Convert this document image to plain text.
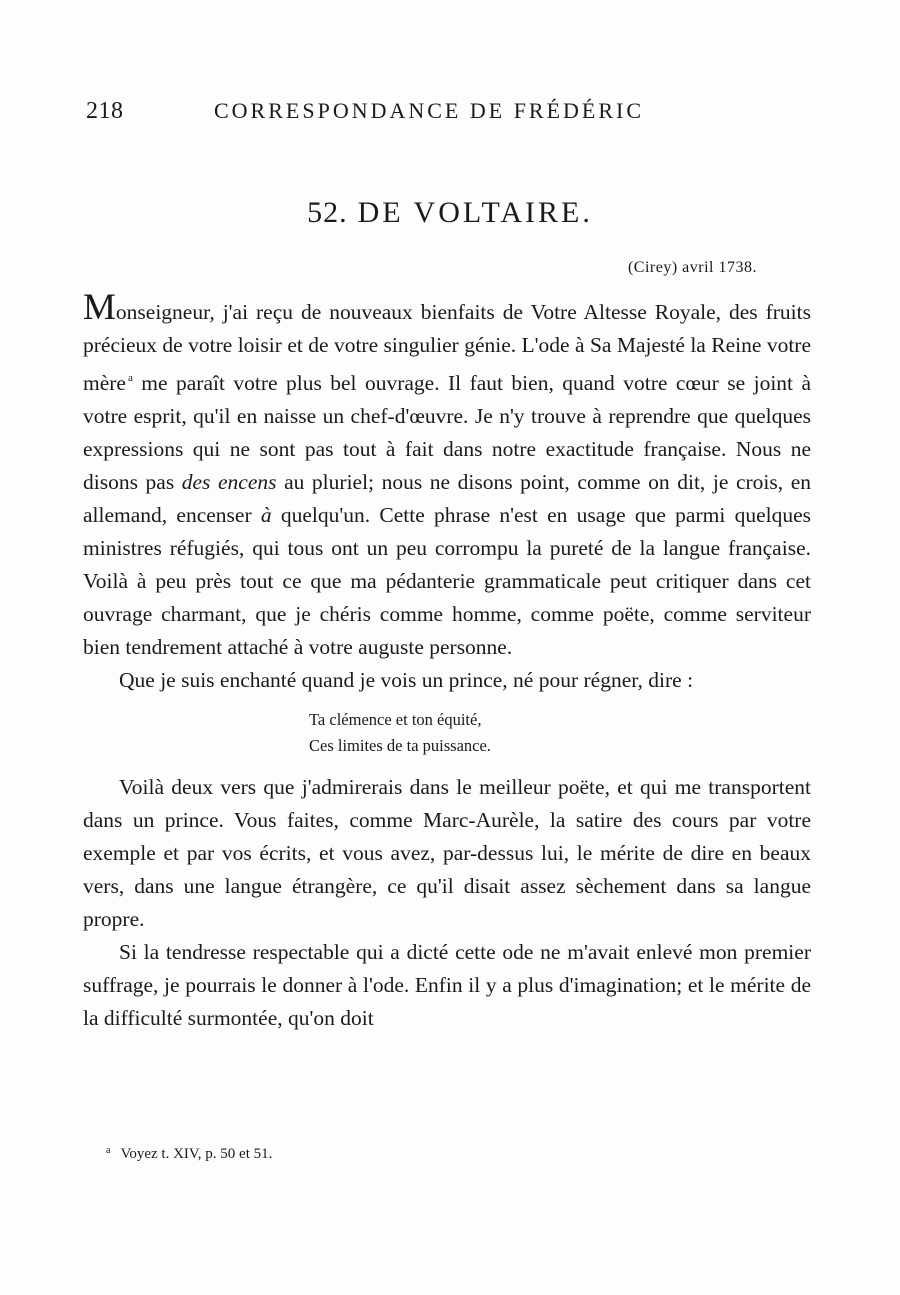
218	CORRESPONDANCE DE FRÉDÉRIC
52. DE VOLTAIRE.
(Cirey) avril 1738.

Monseigneur, j'ai reçu de nouveaux bienfaits de Votre Altesse Royale, des fruits précieux de votre loisir et de votre singulier génie. L'ode à Sa Majesté la Reine votre mère $^a$ me paraît votre plus bel ouvrage. Il faut bien, quand votre cœur se joint à votre esprit, qu'il en naisse un chef-d'œuvre. Je n'y trouve à reprendre que quelques expressions qui ne sont pas tout à fait dans notre exactitude française. Nous ne disons pas des encens au pluriel; nous ne disons point, comme on dit, je crois, en allemand, encenser à quelqu'un. Cette phrase n'est en usage que parmi quelques ministres réfugiés, qui tous ont un peu corrompu la pureté de la langue française. Voilà à peu près tout ce que ma pédanterie grammaticale peut critiquer dans cet ouvrage charmant, que je chéris comme homme, comme poëte, comme serviteur bien tendrement attaché à votre auguste personne.

Que je suis enchanté quand je vois un prince, né pour régner, dire :

Ta clémence et ton équité,
Ces limites de ta puissance.

Voilà deux vers que j'admirerais dans le meilleur poëte, et qui me transportent dans un prince. Vous faites, comme Marc-Aurèle, la satire des cours par votre exemple et par vos écrits, et vous avez, par-dessus lui, le mérite de dire en beaux vers, dans une langue étrangère, ce qu'il disait assez sèchement dans sa langue propre.

Si la tendresse respectable qui a dicté cette ode ne m'avait enlevé mon premier suffrage, je pourrais le donner à l'ode. Enfin il y a plus d'imagination; et le mérite de la difficulté surmontée, qu'on doit

$^a$ Voyez t. XIV, p. 50 et 51.
